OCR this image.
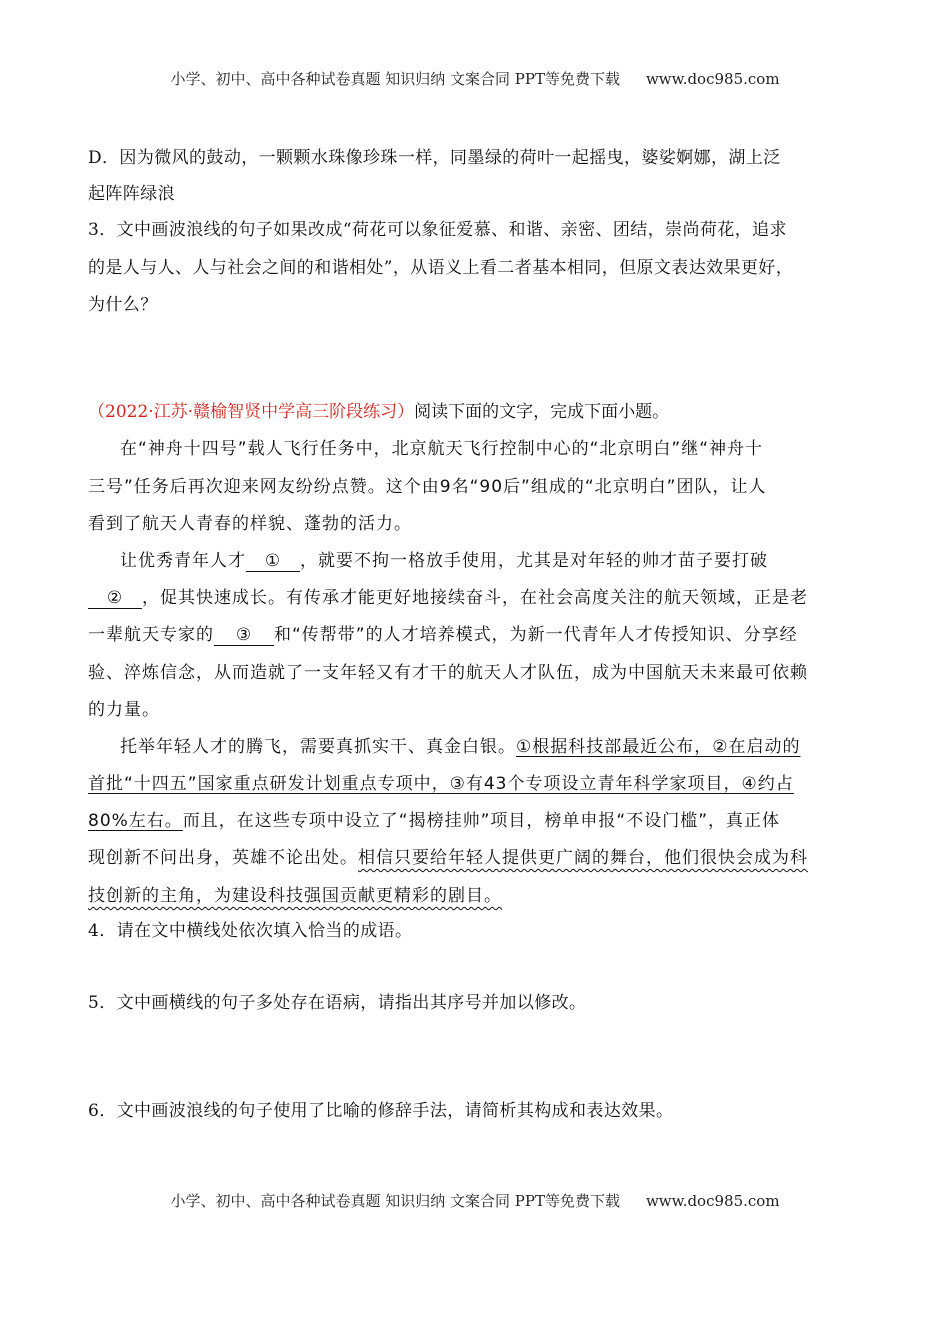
小学、初中、高中各种试卷真题 知识归纳 文案合同 PPT等免费下载 www.doc985.com
D．因为微风的鼓动，一颗颗水珠像珍珠一样，同墨绿的荷叶一起摇曳，婆娑婀娜，湖上泛
起阵阵绿浪
3．文中画波浪线的句子如果改成“荷花可以象征爱慕、和谐、亲密、团结，崇尚荷花，追求
的是人与人、人与社会之间的和谐相处”，从语义上看二者基本相同，但原文表达效果更好，
为什么？
（2022·江苏·赣榆智贤中学高三阶段练习）阅读下面的文字，完成下面小题。
在“神舟十四号”载人飞行任务中，北京航天飞行控制中心的“北京明白”继“神舟十
三号”任务后再次迎来网友纷纷点赞。这个由9名“90后”组成的“北京明白”团队，让人
看到了航天人青春的样貌、蓬勃的活力。
让优秀青年人才 ① ，就要不拘一格放手使用，尤其是对年轻的帅才苗子要打破
② ，促其快速成长。有传承才能更好地接续奋斗，在社会高度关注的航天领域，正是老
一辈航天专家的 ③ 和“传帮带”的人才培养模式，为新一代青年人才传授知识、分享经
验、淬炼信念，从而造就了一支年轻又有才干的航天人才队伍，成为中国航天未来最可依赖
的力量。
托举年轻人才的腾飞，需要真抓实干、真金白银。①根据科技部最近公布，②在启动的
首批“十四五”国家重点研发计划重点专项中，③有43个专项设立青年科学家项目，④约占
80%左右。而且，在这些专项中设立了“揭榜挂帅”项目，榜单申报“不设门槛”，真正体
现创新不问出身，英雄不论出处。相信只要给年轻人提供更广阔的舞台，他们很快会成为科
技创新的主角，为建设科技强国贡献更精彩的剧目。
4．请在文中横线处依次填入恰当的成语。
5．文中画横线的句子多处存在语病，请指出其序号并加以修改。
6．文中画波浪线的句子使用了比喻的修辞手法，请简析其构成和表达效果。
小学、初中、高中各种试卷真题 知识归纳 文案合同 PPT等免费下载 www.doc985.com
